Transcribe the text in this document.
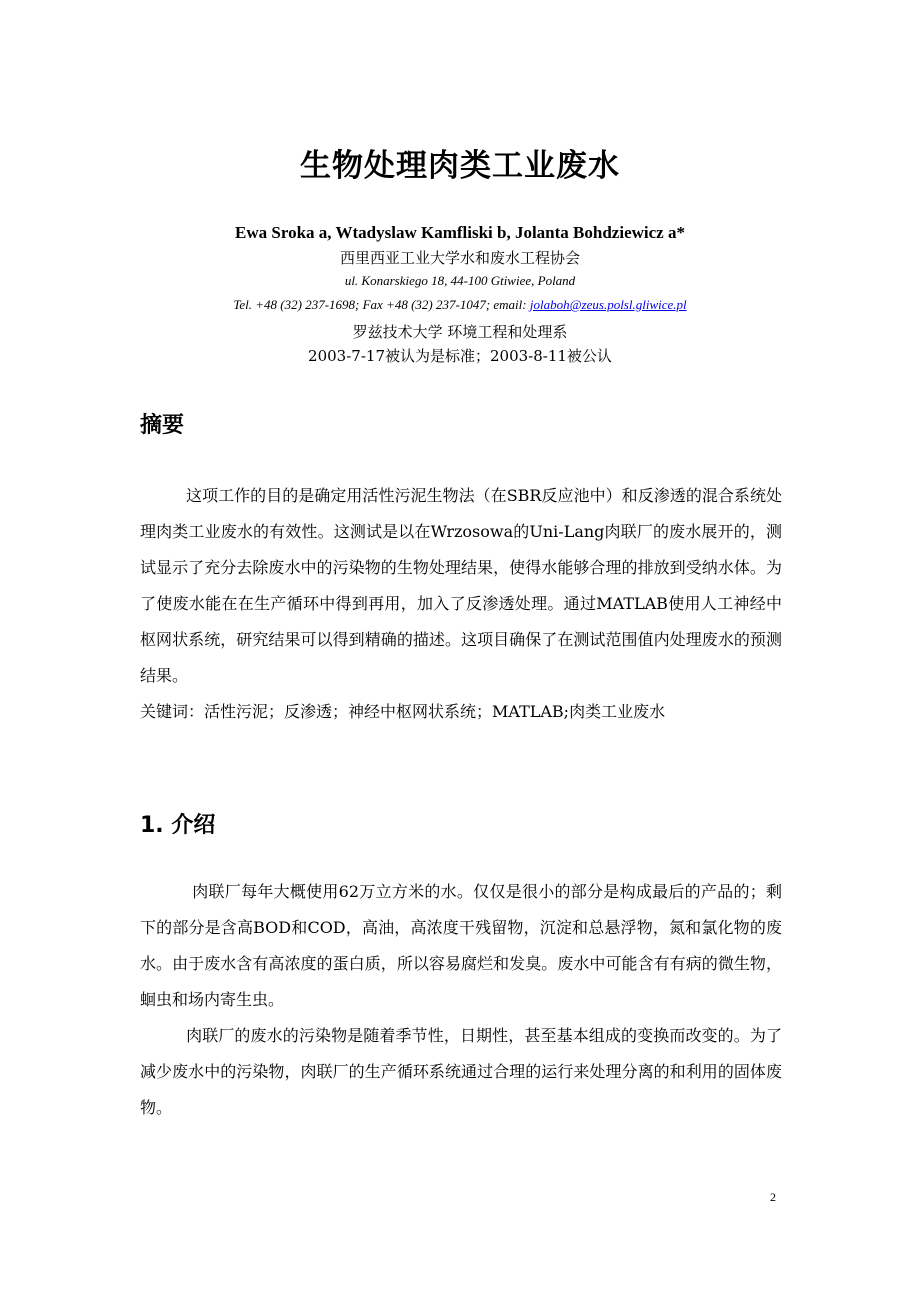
生物处理肉类工业废水
Ewa Sroka a, Wtadyslaw Kamfliski b, Jolanta Bohdziewicz a*
西里西亚工业大学水和废水工程协会
ul. Konarskiego 18, 44-100 Gtiwiee, Poland
Tel. +48 (32) 237-1698; Fax +48 (32) 237-1047; email: jolaboh@zeus.polsl.gliwice.pl
罗兹技术大学 环境工程和处理系
2003-7-17被认为是标准；2003-8-11被公认
摘要
这项工作的目的是确定用活性污泥生物法（在SBR反应池中）和反渗透的混合系统处理肉类工业废水的有效性。这测试是以在Wrzosowa的Uni-Lang肉联厂的废水展开的，测试显示了充分去除废水中的污染物的生物处理结果，使得水能够合理的排放到受纳水体。为了使废水能在在生产循环中得到再用，加入了反渗透处理。通过MATLAB使用人工神经中枢网状系统，研究结果可以得到精确的描述。这项目确保了在测试范围值内处理废水的预测结果。
关键词：活性污泥；反渗透；神经中枢网状系统；MATLAB;肉类工业废水
1. 介绍
肉联厂每年大概使用62万立方米的水。仅仅是很小的部分是构成最后的产品的；剩下的部分是含高BOD和COD，高油，高浓度干残留物，沉淀和总悬浮物，氮和氯化物的废水。由于废水含有高浓度的蛋白质，所以容易腐烂和发臭。废水中可能含有有病的微生物，蛔虫和场内寄生虫。
肉联厂的废水的污染物是随着季节性，日期性，甚至基本组成的变换而改变的。为了减少废水中的污染物，肉联厂的生产循环系统通过合理的运行来处理分离的和利用的固体废物。
2
